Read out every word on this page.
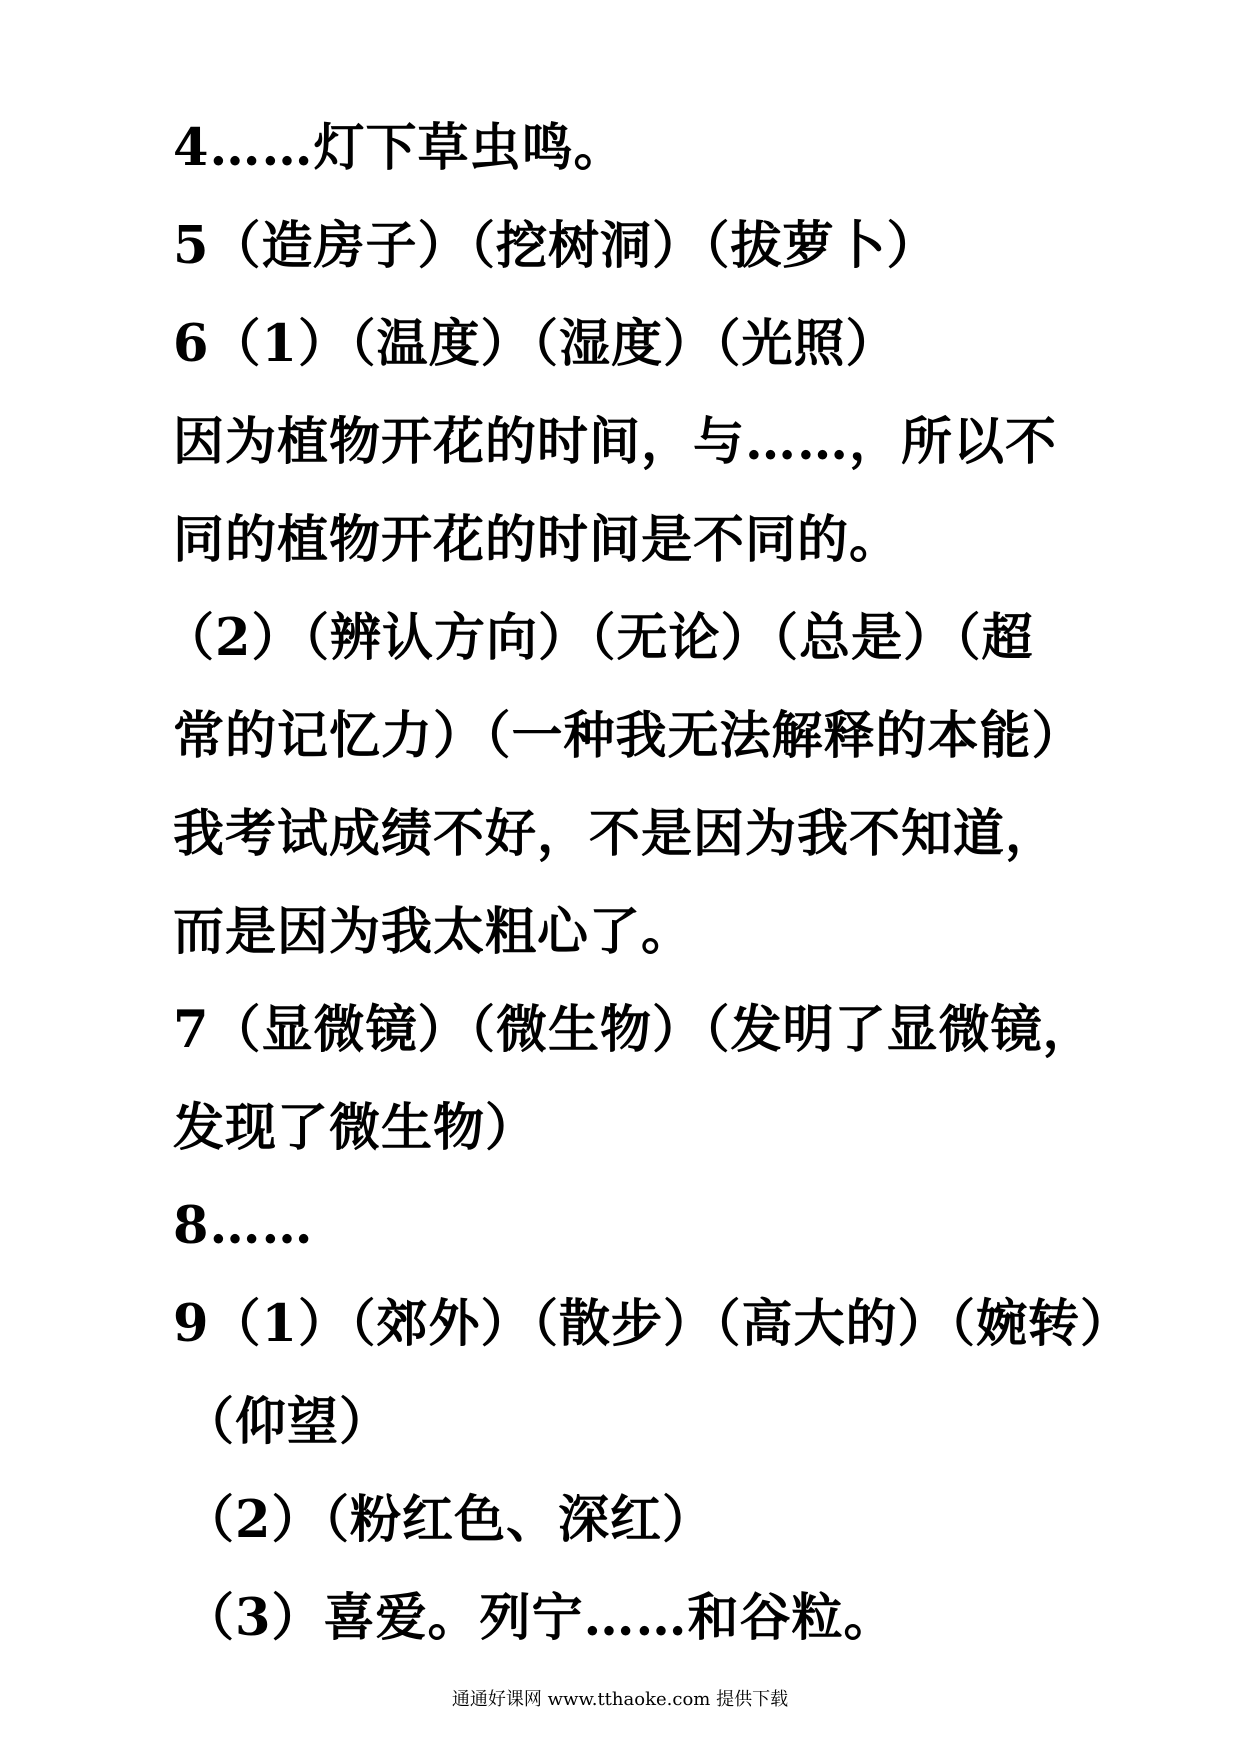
4……灯下草虫鸣。
5（造房子）（挖树洞）（拔萝卜）
6（1）（温度）（湿度）（光照）
因为植物开花的时间，与……，所以不
同的植物开花的时间是不同的。
（2）（辨认方向）（无论）（总是）（超
常的记忆力）（一种我无法解释的本能）
我考试成绩不好，不是因为我不知道，
而是因为我太粗心了。
7（显微镜）（微生物）（发明了显微镜，
发现了微生物）
8……
9（1）（郊外）（散步）（高大的）（婉转）
（仰望）
（2）（粉红色、深红）
（3）喜爱。列宁……和谷粒。
通通好课网 www.tthaoke.com 提供下载
